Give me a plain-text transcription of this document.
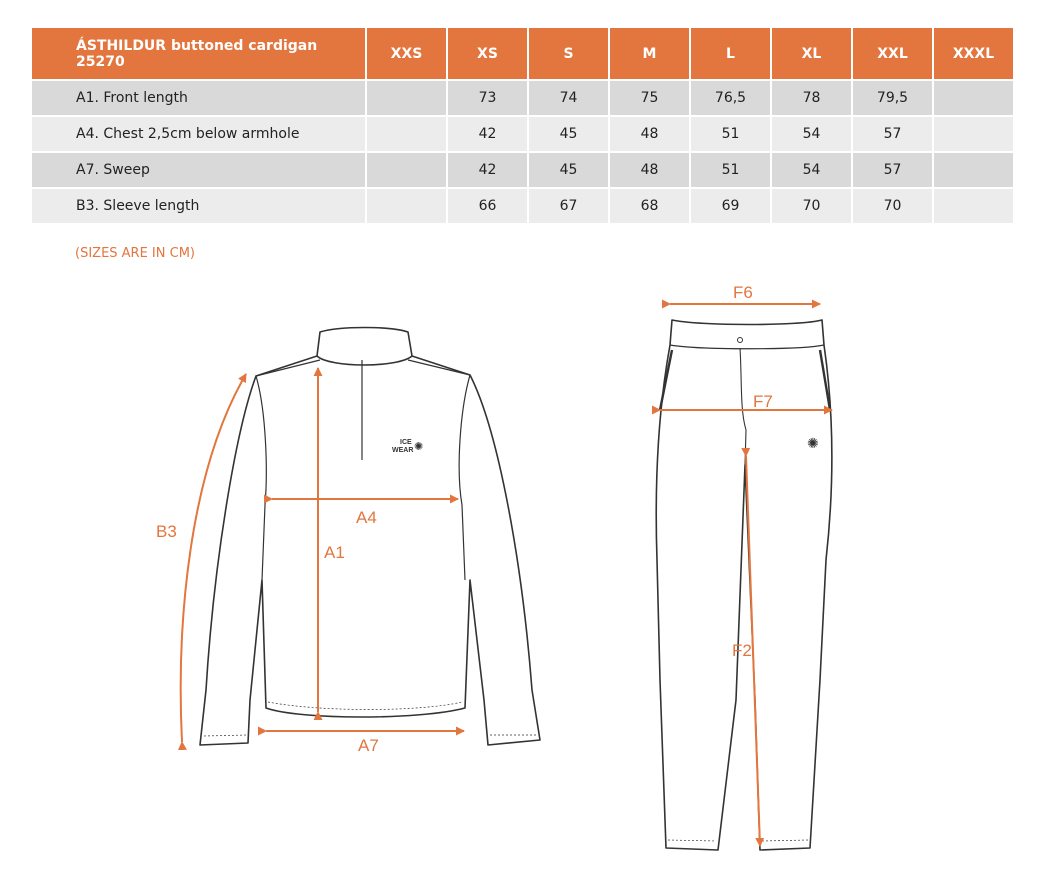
ÁSTHILDUR buttoned cardigan 25270	XXS	XS	S	M	L	XL	XXL	XXXL
A1. Front length		73	74	75	76,5	78	79,5	
A4. Chest 2,5cm below armhole		42	45	48	51	54	57	
A7. Sweep		42	45	48	51	54	57	
B3. Sleeve length		66	67	68	69	70	70	
(SIZES ARE IN CM)
ICE
WEAR ✺
A1
A4
A7
B3
✺
F6
F7
F2
